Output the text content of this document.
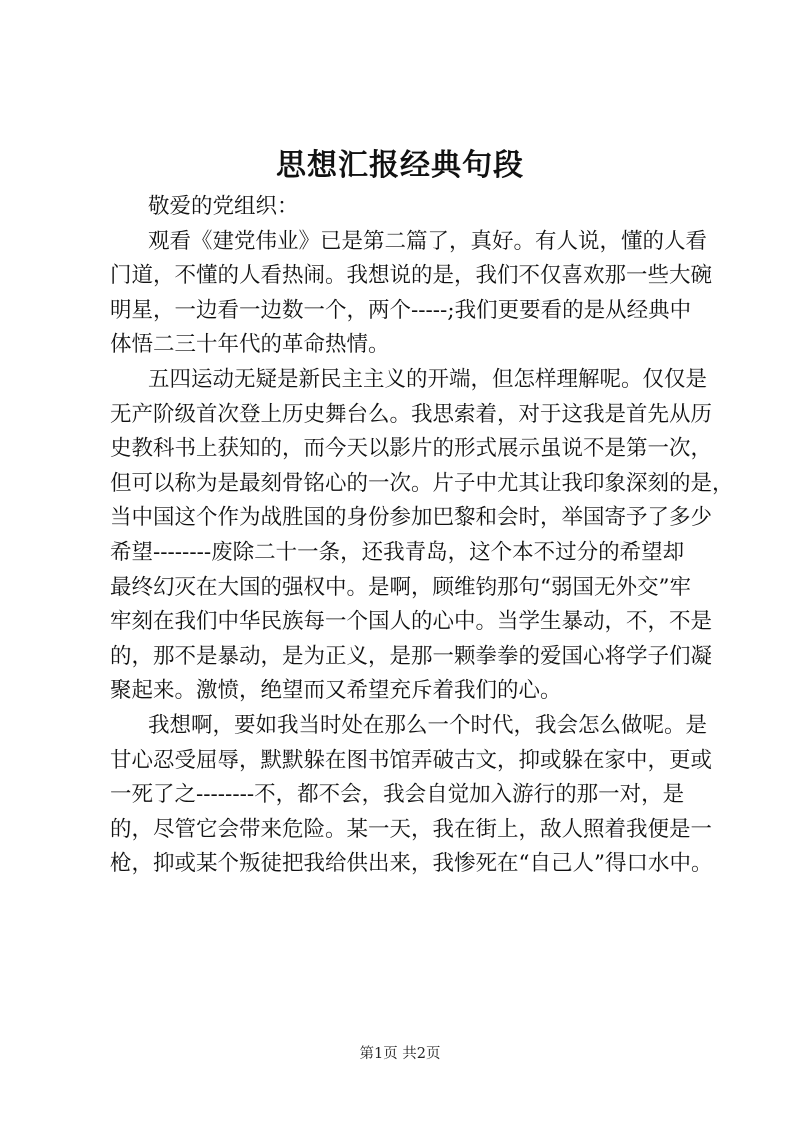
思想汇报经典句段
敬爱的党组织：
观看《建党伟业》已是第二篇了，真好。有人说，懂的人看
门道，不懂的人看热闹。我想说的是，我们不仅喜欢那一些大碗
明星，一边看一边数一个，两个-----;我们更要看的是从经典中
体悟二三十年代的革命热情。
五四运动无疑是新民主主义的开端，但怎样理解呢。仅仅是
无产阶级首次登上历史舞台么。我思索着，对于这我是首先从历
史教科书上获知的，而今天以影片的形式展示虽说不是第一次，
但可以称为是最刻骨铭心的一次。片子中尤其让我印象深刻的是，
当中国这个作为战胜国的身份参加巴黎和会时，举国寄予了多少
希望--------废除二十一条，还我青岛，这个本不过分的希望却
最终幻灭在大国的强权中。是啊，顾维钧那句“弱国无外交”牢
牢刻在我们中华民族每一个国人的心中。当学生暴动，不，不是
的，那不是暴动，是为正义，是那一颗拳拳的爱国心将学子们凝
聚起来。激愤，绝望而又希望充斥着我们的心。
我想啊，要如我当时处在那么一个时代，我会怎么做呢。是
甘心忍受屈辱，默默躲在图书馆弄破古文，抑或躲在家中，更或
一死了之--------不，都不会，我会自觉加入游行的那一对，是
的，尽管它会带来危险。某一天，我在街上，敌人照着我便是一
枪，抑或某个叛徒把我给供出来，我惨死在“自己人”得口水中。
第1页 共2页
